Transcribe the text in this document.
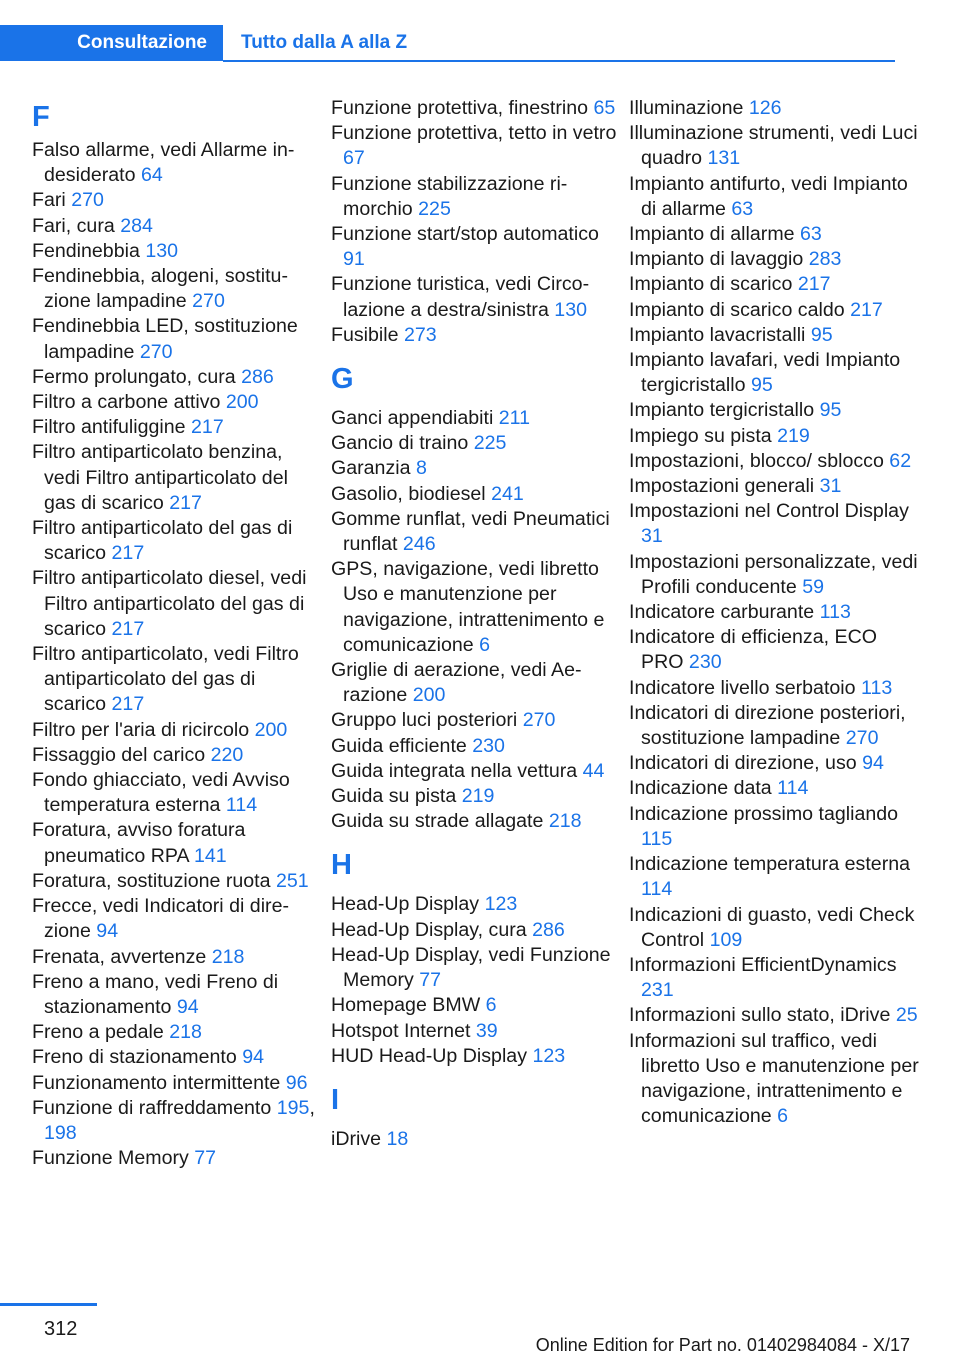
Consultazione	Tutto dalla A alla Z
F
Falso allarme, vedi Allarme indesiderato 64
Fari 270
Fari, cura 284
Fendinebbia 130
Fendinebbia, alogeni, sostituzione lampadine 270
Fendinebbia LED, sostituzione lampadine 270
Fermo prolungato, cura 286
Filtro a carbone attivo 200
Filtro antifuliggine 217
Filtro antiparticolato benzina, vedi Filtro antiparticolato del gas di scarico 217
Filtro antiparticolato del gas di scarico 217
Filtro antiparticolato diesel, vedi Filtro antiparticolato del gas di scarico 217
Filtro antiparticolato, vedi Filtro antiparticolato del gas di scarico 217
Filtro per l'aria di ricircolo 200
Fissaggio del carico 220
Fondo ghiacciato, vedi Avviso temperatura esterna 114
Foratura, avviso foratura pneumatico RPA 141
Foratura, sostituzione ruota 251
Frecce, vedi Indicatori di direzione 94
Frenata, avvertenze 218
Freno a mano, vedi Freno di stazionamento 94
Freno a pedale 218
Freno di stazionamento 94
Funzionamento intermittente 96
Funzione di raffreddamento 195, 198
Funzione Memory 77
Funzione protettiva, finestrino 65
Funzione protettiva, tetto in vetro 67
Funzione stabilizzazione rimorchio 225
Funzione start/stop automatico 91
Funzione turistica, vedi Circolazione a destra/sinistra 130
Fusibile 273
G
Ganci appendiabiti 211
Gancio di traino 225
Garanzia 8
Gasolio, biodiesel 241
Gomme runflat, vedi Pneumatici runflat 246
GPS, navigazione, vedi libretto Uso e manutenzione per navigazione, intrattenimento e comunicazione 6
Griglie di aerazione, vedi Aerazione 200
Gruppo luci posteriori 270
Guida efficiente 230
Guida integrata nella vettura 44
Guida su pista 219
Guida su strade allagate 218
H
Head-Up Display 123
Head-Up Display, cura 286
Head-Up Display, vedi Funzione Memory 77
Homepage BMW 6
Hotspot Internet 39
HUD Head-Up Display 123
I
iDrive 18
Illuminazione 126
Illuminazione strumenti, vedi Luci quadro 131
Impianto antifurto, vedi Impianto di allarme 63
Impianto di allarme 63
Impianto di lavaggio 283
Impianto di scarico 217
Impianto di scarico caldo 217
Impianto lavacristalli 95
Impianto lavafari, vedi Impianto tergicristallo 95
Impianto tergicristallo 95
Impiego su pista 219
Impostazioni, blocco/ sblocco 62
Impostazioni generali 31
Impostazioni nel Control Display 31
Impostazioni personalizzate, vedi Profili conducente 59
Indicatore carburante 113
Indicatore di efficienza, ECO PRO 230
Indicatore livello serbatoio 113
Indicatori di direzione posteriori, sostituzione lampadine 270
Indicatori di direzione, uso 94
Indicazione data 114
Indicazione prossimo tagliando 115
Indicazione temperatura esterna 114
Indicazioni di guasto, vedi Check Control 109
Informazioni EfficientDynamics 231
Informazioni sullo stato, iDrive 25
Informazioni sul traffico, vedi libretto Uso e manutenzione per navigazione, intrattenimento e comunicazione 6
312
Online Edition for Part no. 01402984084 - X/17
